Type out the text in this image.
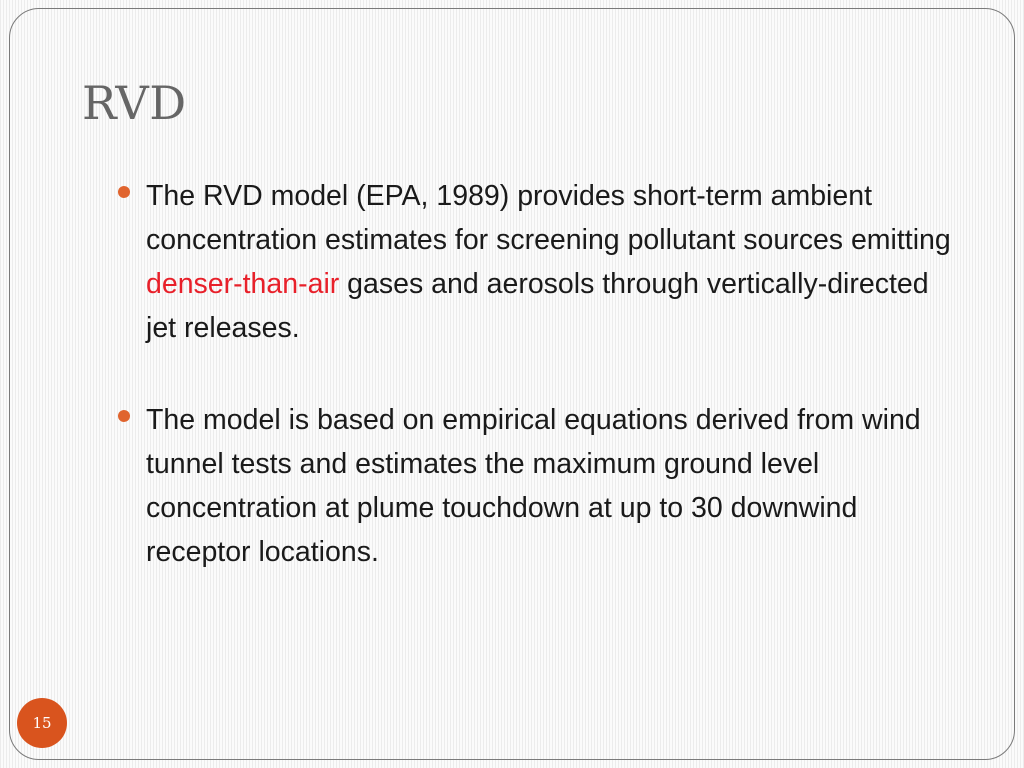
RVD
The RVD model (EPA, 1989) provides short-term ambient concentration estimates for screening pollutant sources emitting denser-than-air gases and aerosols through vertically-directed jet releases.
The model is based on empirical equations derived from wind tunnel tests and estimates the maximum ground level concentration at plume touchdown at up to 30 downwind receptor locations.
15
